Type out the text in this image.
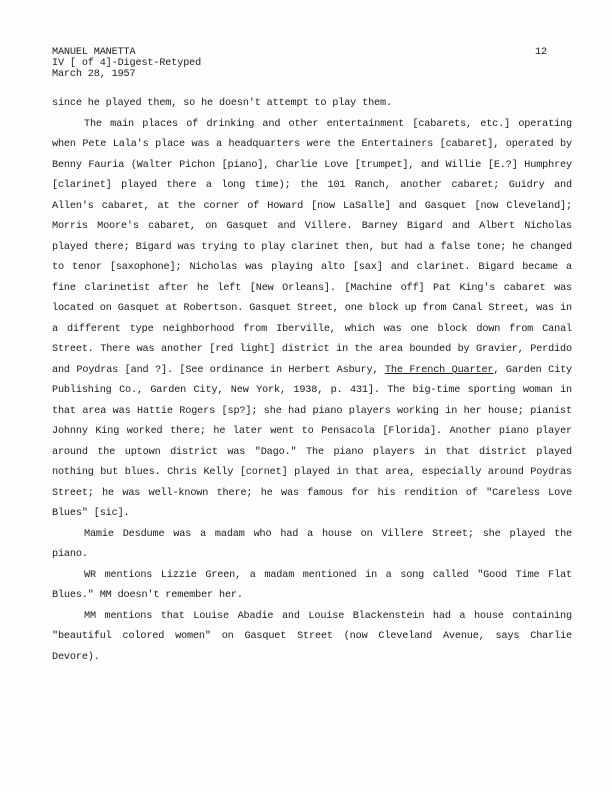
MANUEL MANETTA
IV [ of 4]-Digest-Retyped
March 28, 1957
12

since he played them, so he doesn't attempt to play them.

The main places of drinking and other entertainment [cabarets, etc.] operating when Pete Lala's place was a headquarters were the Entertainers [cabaret], operated by Benny Fauria (Walter Pichon [piano], Charlie Love [trumpet], and Willie [E.?] Humphrey [clarinet] played there a long time); the 101 Ranch, another cabaret; Guidry and Allen's cabaret, at the corner of Howard [now LaSalle] and Gasquet [now Cleveland]; Morris Moore's cabaret, on Gasquet and Villere. Barney Bigard and Albert Nicholas played there; Bigard was trying to play clarinet then, but had a false tone; he changed to tenor [saxophone]; Nicholas was playing alto [sax] and clarinet. Bigard became a fine clarinetist after he left [New Orleans]. [Machine off] Pat King's cabaret was located on Gasquet at Robertson. Gasquet Street, one block up from Canal Street, was in a different type neighborhood from Iberville, which was one block down from Canal Street. There was another [red light] district in the area bounded by Gravier, Perdido and Poydras [and ?]. [See ordinance in Herbert Asbury, The French Quarter, Garden City Publishing Co., Garden City, New York, 1938, p. 431]. The big-time sporting woman in that area was Hattie Rogers [sp?]; she had piano players working in her house; pianist Johnny King worked there; he later went to Pensacola [Florida]. Another piano player around the uptown district was "Dago." The piano players in that district played nothing but blues. Chris Kelly [cornet] played in that area, especially around Poydras Street; he was well-known there; he was famous for his rendition of "Careless Love Blues" [sic].

Mamie Desdume was a madam who had a house on Villere Street; she played the piano.

WR mentions Lizzie Green, a madam mentioned in a song called "Good Time Flat Blues." MM doesn't remember her.

MM mentions that Louise Abadie and Louise Blackenstein had a house containing "beautiful colored women" on Gasquet Street (now Cleveland Avenue, says Charlie Devore).
